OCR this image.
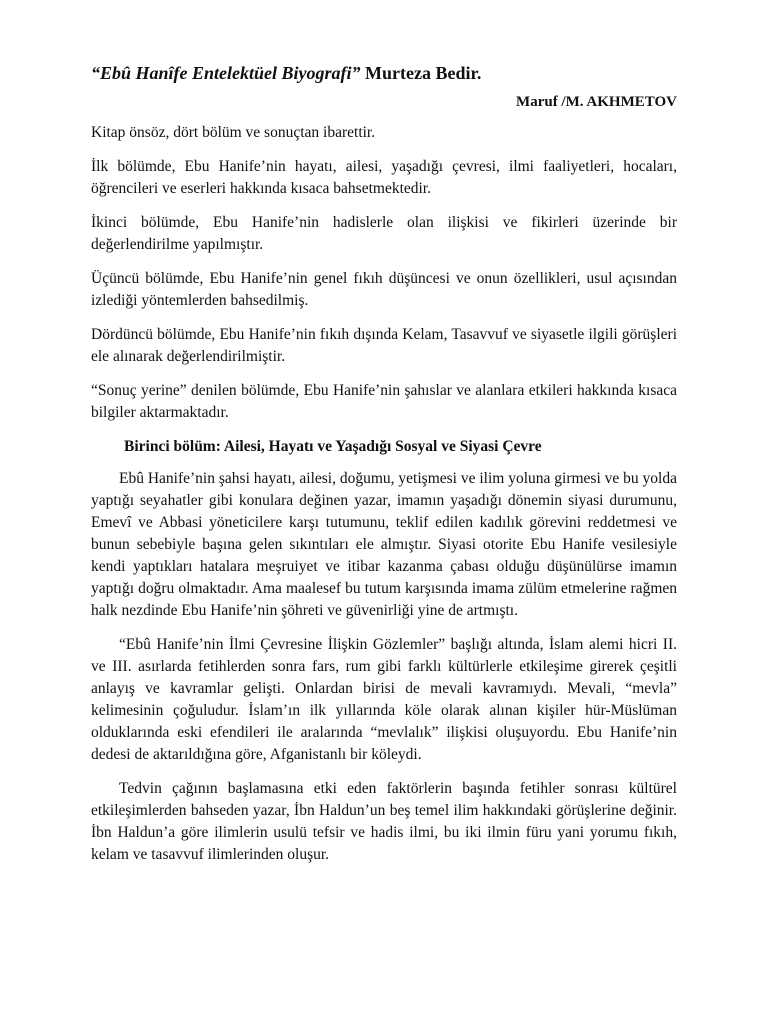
“Ebû Hanîfe Entelektüel Biyografi” Murteza Bedir.

Maruf /M. AKHMETOV

Kitap önsöz, dört bölüm ve sonuçtan ibarettir.

İlk bölümde, Ebu Hanife’nin hayatı, ailesi, yaşadığı çevresi, ilmi faaliyetleri, hocaları, öğrencileri ve eserleri hakkında kısaca bahsetmektedir.

İkinci bölümde, Ebu Hanife’nin hadislerle olan ilişkisi ve fikirleri üzerinde bir değerlendirilme yapılmıştır.

Üçüncü bölümde, Ebu Hanife’nin genel fıkıh düşüncesi ve onun özellikleri, usul açısından izlediği yöntemlerden bahsedilmiş.

Dördüncü bölümde, Ebu Hanife’nin fıkıh dışında Kelam, Tasavvuf ve siyasetle ilgili görüşleri ele alınarak değerlendirilmiştir.

“Sonuç yerine” denilen bölümde, Ebu Hanife’nin şahıslar ve alanlara etkileri hakkında kısaca bilgiler aktarmaktadır.

Birinci bölüm: Ailesi, Hayatı ve Yaşadığı Sosyal ve Siyasi Çevre

Ebû Hanife’nin şahsi hayatı, ailesi, doğumu, yetişmesi ve ilim yoluna girmesi ve bu yolda yaptığı seyahatler gibi konulara değinen yazar, imamın yaşadığı dönemin siyasi durumunu, Emevî ve Abbasi yöneticilere karşı tutumunu, teklif edilen kadılık görevini reddetmesi ve bunun sebebiyle başına gelen sıkıntıları ele almıştır. Siyasi otorite Ebu Hanife vesilesiyle kendi yaptıkları hatalara meşruiyet ve itibar kazanma çabası olduğu düşünülürse imamın yaptığı doğru olmaktadır. Ama maalesef bu tutum karşısında imama zülüm etmelerine rağmen halk nezdinde Ebu Hanife’nin şöhreti ve güvenirliği yine de artmıştı.

“Ebû Hanife’nin İlmi Çevresine İlişkin Gözlemler” başlığı altında, İslam alemi hicri II. ve III. asırlarda fetihlerden sonra fars, rum gibi farklı kültürlerle etkileşime girerek çeşitli anlayış ve kavramlar gelişti. Onlardan birisi de mevali kavramıydı. Mevali, “mevla” kelimesinin çoğuludur. İslam’ın ilk yıllarında köle olarak alınan kişiler hür-Müslüman olduklarında eski efendileri ile aralarında “mevlalık” ilişkisi oluşuyordu. Ebu Hanife’nin dedesi de aktarıldığına göre, Afganistanlı bir köleydi.

Tedvin çağının başlamasına etki eden faktörlerin başında fetihler sonrası kültürel etkileşimlerden bahseden yazar, İbn Haldun’un beş temel ilim hakkındaki görüşlerine değinir. İbn Haldun’a göre ilimlerin usulü tefsir ve hadis ilmi, bu iki ilmin füru yani yorumu fıkıh, kelam ve tasavvuf ilimlerinden oluşur.
